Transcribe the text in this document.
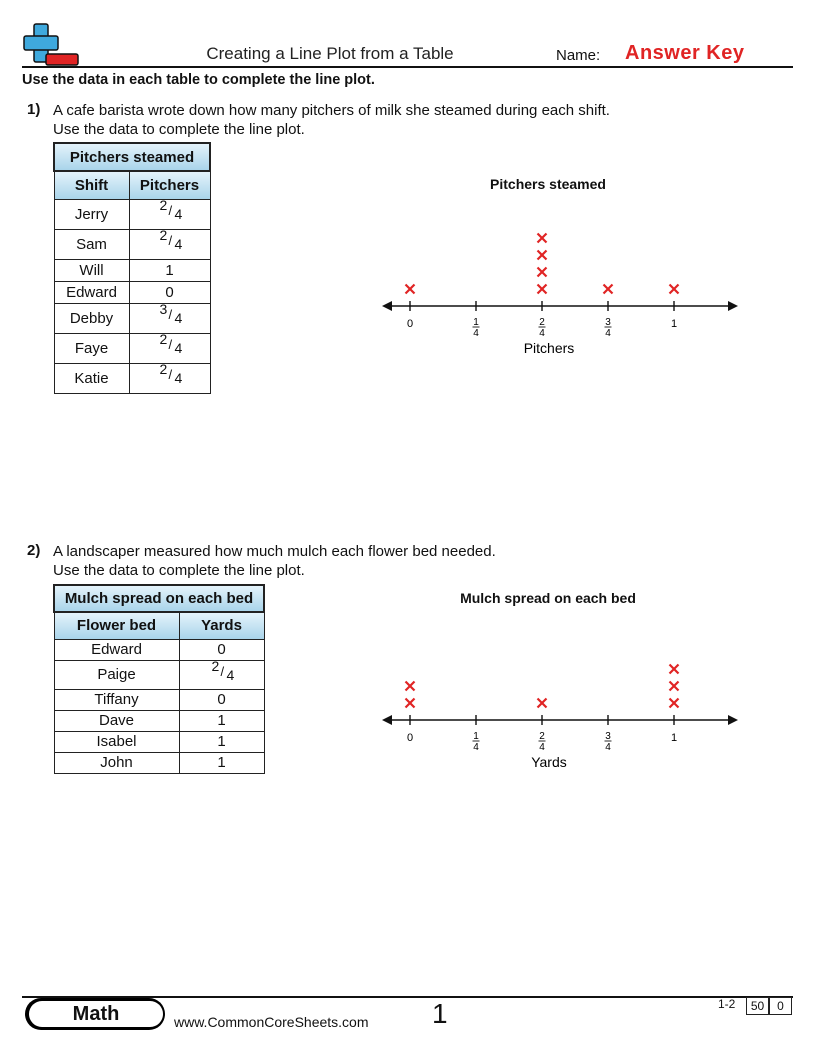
Creating a Line Plot from a Table	Name: Answer Key
Use the data in each table to complete the line plot.
1) A cafe barista wrote down how many pitchers of milk she steamed during each shift.
Use the data to complete the line plot.
Pitchers steamed	
Shift	Pitchers
Jerry	2 / 4

Sam	2 / 4

Will	1
Edward	0
Debby	3 / 4

Faye	2 / 4

Katie	2 / 4
Pitchers steamed
0	1
4
2
4
3
4
1
Pitchers
2) A landscaper measured how much mulch each flower bed needed.
Use the data to complete the line plot.
Mulch spread on each bed	
Flower bed	Yards
Edward	0
Paige	2 / 4

Tiffany	0
Dave	1
Isabel	1
John	1
Mulch spread on each bed
0	1
4
2
4
3
4
1
Yards
Math	www.CommonCoreSheets.com 1	1-2	50	0
